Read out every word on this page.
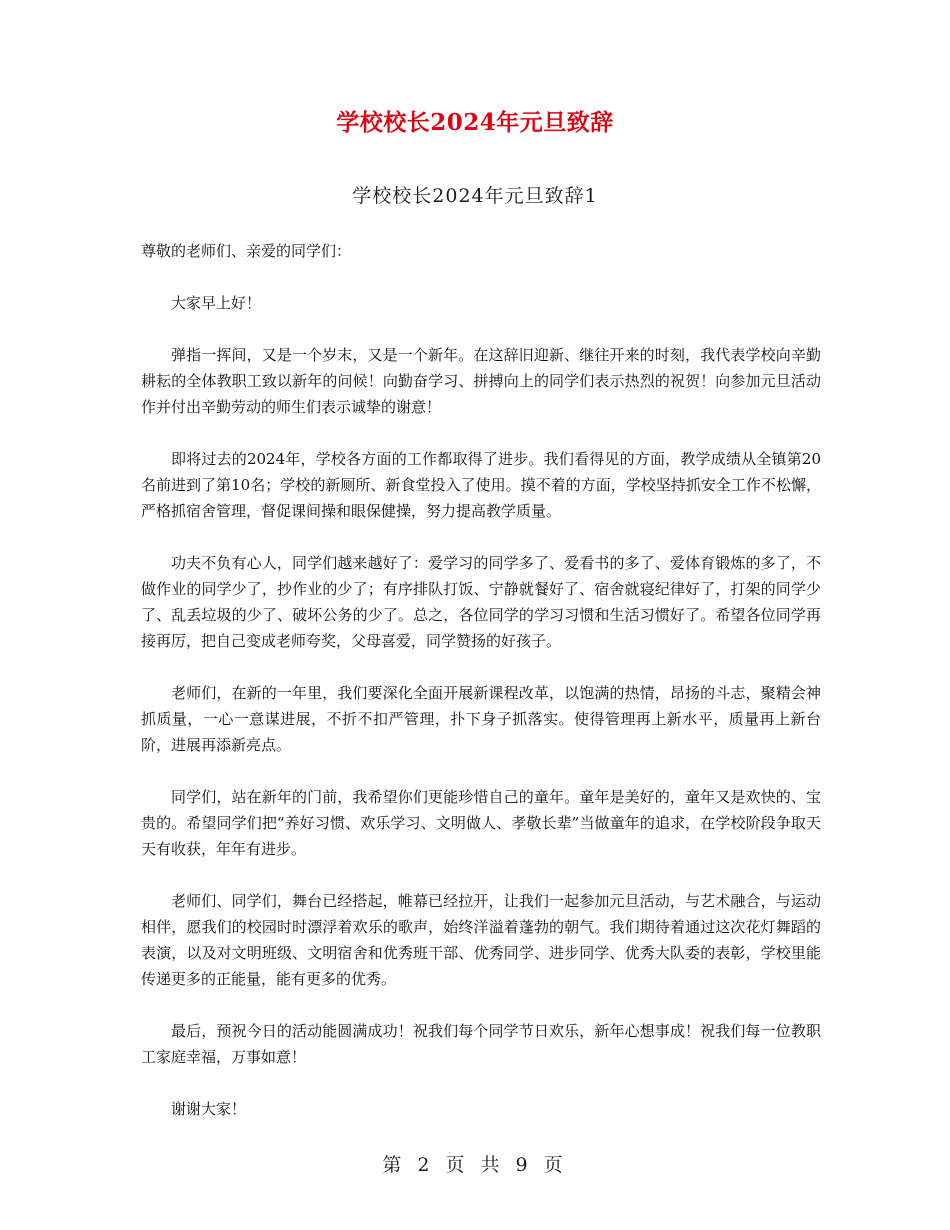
学校校长2024年元旦致辞
学校校长2024年元旦致辞1

尊敬的老师们、亲爱的同学们：

大家早上好！

弹指一挥间，又是一个岁末，又是一个新年。在这辞旧迎新、继往开来的时刻，我代表学校向辛勤耕耘的全体教职工致以新年的问候！向勤奋学习、拼搏向上的同学们表示热烈的祝贺！向参加元旦活动作并付出辛勤劳动的师生们表示诚挚的谢意！

即将过去的2024年，学校各方面的工作都取得了进步。我们看得见的方面，教学成绩从全镇第20名前进到了第10名；学校的新厕所、新食堂投入了使用。摸不着的方面，学校坚持抓安全工作不松懈，严格抓宿舍管理，督促课间操和眼保健操，努力提高教学质量。

功夫不负有心人，同学们越来越好了：爱学习的同学多了、爱看书的多了、爱体育锻炼的多了，不做作业的同学少了，抄作业的少了；有序排队打饭、宁静就餐好了、宿舍就寝纪律好了，打架的同学少了、乱丢垃圾的少了、破坏公务的少了。总之，各位同学的学习习惯和生活习惯好了。希望各位同学再接再厉，把自己变成老师夸奖，父母喜爱，同学赞扬的好孩子。

老师们，在新的一年里，我们要深化全面开展新课程改革，以饱满的热情，昂扬的斗志，聚精会神抓质量，一心一意谋进展，不折不扣严管理，扑下身子抓落实。使得管理再上新水平，质量再上新台阶，进展再添新亮点。

同学们，站在新年的门前，我希望你们更能珍惜自己的童年。童年是美好的，童年又是欢快的、宝贵的。希望同学们把“养好习惯、欢乐学习、文明做人、孝敬长辈”当做童年的追求，在学校阶段争取天天有收获，年年有进步。

老师们、同学们，舞台已经搭起，帷幕已经拉开，让我们一起参加元旦活动，与艺术融合，与运动相伴，愿我们的校园时时漂浮着欢乐的歌声，始终洋溢着蓬勃的朝气。我们期待着通过这次花灯舞蹈的表演，以及对文明班级、文明宿舍和优秀班干部、优秀同学、进步同学、优秀大队委的表彰，学校里能传递更多的正能量，能有更多的优秀。

最后，预祝今日的活动能圆满成功！祝我们每个同学节日欢乐，新年心想事成！祝我们每一位教职工家庭幸福，万事如意！

谢谢大家！

第 2 页 共 9 页
